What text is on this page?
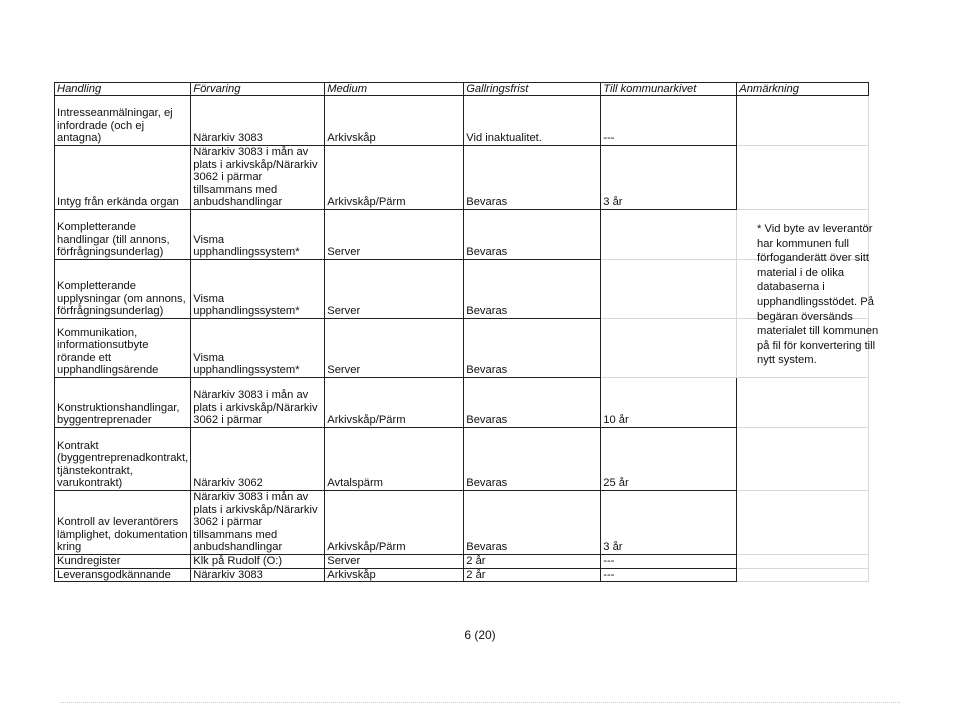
Handling	Förvaring	Medium	Gallringsfrist	Till kommunarkivet	Anmärkning
Intresseanmälningar, ej
infordrade (och ej
antagna)	Närarkiv 3083	Arkivskåp	Vid inaktualitet.	---	
Intyg från erkända organ	Närarkiv 3083 i mån av
plats i arkivskåp/Närarkiv
3062 i pärmar
tillsammans med
anbudshandlingar	Arkivskåp/Pärm	Bevaras	3 år	
Kompletterande
handlingar (till annons,
förfrågningsunderlag)	Visma
upphandlingssystem*	Server	Bevaras		
Kompletterande
upplysningar (om annons,
förfrågningsunderlag)	Visma
upphandlingssystem*	Server	Bevaras		
Kommunikation,
informationsutbyte
rörande ett
upphandlingsärende	Visma
upphandlingssystem*	Server	Bevaras		
Konstruktionshandlingar,
byggentreprenader	Närarkiv 3083 i mån av
plats i arkivskåp/Närarkiv
3062 i pärmar	Arkivskåp/Pärm	Bevaras	10 år	
Kontrakt
(byggentreprenadkontrakt,
tjänstekontrakt,
varukontrakt)	Närarkiv 3062	Avtalspärm	Bevaras	25 år	
Kontroll av leverantörers
lämplighet, dokumentation
kring	Närarkiv 3083 i mån av
plats i arkivskåp/Närarkiv
3062 i pärmar
tillsammans med
anbudshandlingar	Arkivskåp/Pärm	Bevaras	3 år	
Kundregister	Klk på Rudolf (O:)	Server	2 år	---	
Leveransgodkännande	Närarkiv 3083	Arkivskåp	2 år	---	
* Vid byte av leverantör
har kommunen full
förfoganderätt över sitt
material i de olika
databaserna i
upphandlingsstödet. På
begäran översänds
materialet till kommunen
på fil för konvertering till
nytt system.
6 (20)
